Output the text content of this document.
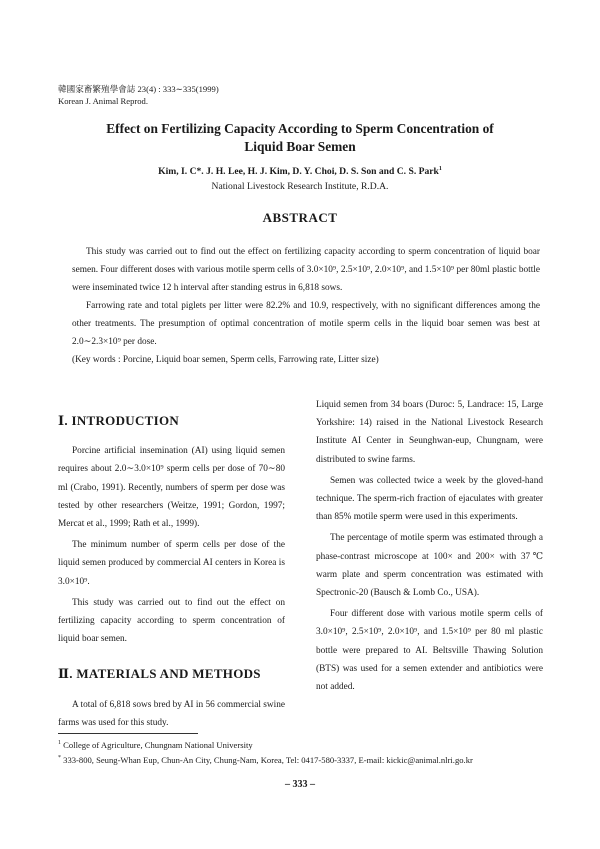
韓國家畜繁殖學會誌 23(4) : 333∼335(1999)
Korean J. Animal Reprod.
Effect on Fertilizing Capacity According to Sperm Concentration of
Liquid Boar Semen
Kim, I. C*. J. H. Lee, H. J. Kim, D. Y. Choi, D. S. Son and C. S. Park$^1$
National Livestock Research Institute, R.D.A.
ABSTRACT

This study was carried out to find out the effect on fertilizing capacity according to sperm concentration of liquid boar semen. Four different doses with various motile sperm cells of 3.0×10⁹, 2.5×10⁹, 2.0×10⁹, and 1.5×10⁹ per 80ml plastic bottle were inseminated twice 12 h interval after standing estrus in 6,818 sows.

Farrowing rate and total piglets per litter were 82.2% and 10.9, respectively, with no significant differences among the other treatments. The presumption of optimal concentration of motile sperm cells in the liquid boar semen was best at 2.0∼2.3×10⁹ per dose.

(Key words : Porcine, Liquid boar semen, Sperm cells, Farrowing rate, Litter size)

Ⅰ. INTRODUCTION

Porcine artificial insemination (AI) using liquid semen requires about 2.0∼3.0×10⁹ sperm cells per dose of 70∼80 ml (Crabo, 1991). Recently, numbers of sperm per dose was tested by other researchers (Weitze, 1991; Gordon, 1997; Mercat et al., 1999; Rath et al., 1999).

The minimum number of sperm cells per dose of the liquid semen produced by commercial AI centers in Korea is 3.0×10⁹.

This study was carried out to find out the effect on fertilizing capacity according to sperm concentration of liquid boar semen.

Ⅱ. MATERIALS AND METHODS

A total of 6,818 sows bred by AI in 56 commercial swine farms was used for this study.

Liquid semen from 34 boars (Duroc: 5, Landrace: 15, Large Yorkshire: 14) raised in the National Livestock Research Institute AI Center in Seunghwan-eup, Chungnam, were distributed to swine farms.

Semen was collected twice a week by the gloved-hand technique. The sperm-rich fraction of ejaculates with greater than 85% motile sperm were used in this experiments.

The percentage of motile sperm was estimated through a phase-contrast microscope at 100× and 200× with 37℃ warm plate and sperm concentration was estimated with Spectronic-20 (Bausch & Lomb Co., USA).

Four different dose with various motile sperm cells of 3.0×10⁹, 2.5×10⁹, 2.0×10⁹, and 1.5×10⁹ per 80 ml plastic bottle were prepared to AI. Beltsville Thawing Solution (BTS) was used for a semen extender and antibiotics were not added.

$^1$ College of Agriculture, Chungnam National University
* 333-800, Seung-Whan Eup, Chun-An City, Chung-Nam, Korea, Tel: 0417-580-3337, E-mail: kickic@animal.nlri.go.kr
– 333 –
